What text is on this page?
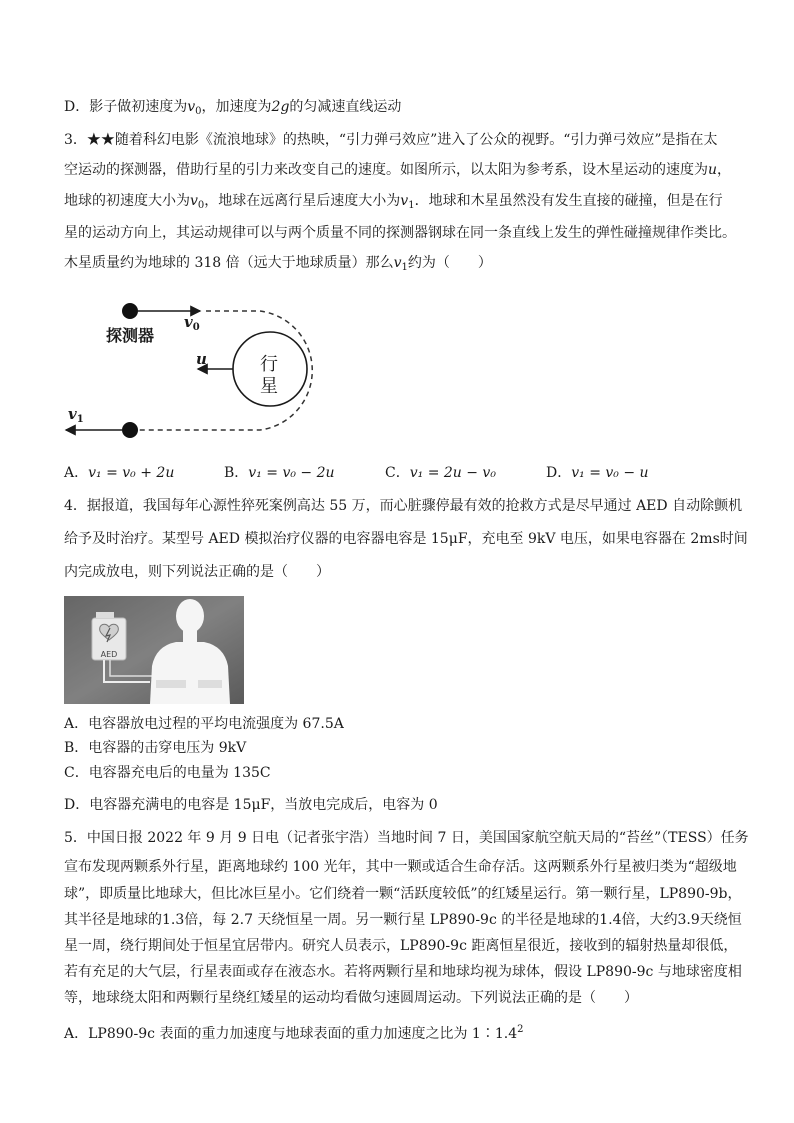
D．影子做初速度为$v_0$，加速度为2g的匀减速直线运动
3．★★随着科幻电影《流浪地球》的热映，“引力弹弓效应”进入了公众的视野。“引力弹弓效应”是指在太
空运动的探测器，借助行星的引力来改变自己的速度。如图所示，以太阳为参考系，设木星运动的速度为u，
地球的初速度大小为$v_0$，地球在远离行星后速度大小为$v_1$．地球和木星虽然没有发生直接的碰撞，但是在行
星的运动方向上，其运动规律可以与两个质量不同的探测器钢球在同一条直线上发生的弹性碰撞规律作类比。
木星质量约为地球的 318 倍（远大于地球质量）那么$v_1$约为（　　）
探测器
$v_0$
u	行
星
$v_1$
A．v₁ = v₀ + 2u	B．v₁ = v₀ − 2u	C．v₁ = 2u − v₀	D．v₁ = v₀ − u
4．据报道，我国每年心源性猝死案例高达 55 万，而心脏骤停最有效的抢救方式是尽早通过 AED 自动除颤机
给予及时治疗。某型号 AED 模拟治疗仪器的电容器电容是 15μF，充电至 9kV 电压，如果电容器在 2ms时间
内完成放电，则下列说法正确的是（　　）
AED
A．电容器放电过程的平均电流强度为 67.5A
B．电容器的击穿电压为 9kV
C．电容器充电后的电量为 135C
D．电容器充满电的电容是 15μF，当放电完成后，电容为 0
5．中国日报 2022 年 9 月 9 日电（记者张宇浩）当地时间 7 日，美国国家航空航天局的“苔丝”（TESS）任务
宣布发现两颗系外行星，距离地球约 100 光年，其中一颗或适合生命存活。这两颗系外行星被归类为“超级地
球”，即质量比地球大，但比冰巨星小。它们绕着一颗“活跃度较低”的红矮星运行。第一颗行星，LP890-9b，
其半径是地球的1.3倍，每 2.7 天绕恒星一周。另一颗行星 LP890-9c 的半径是地球的1.4倍，大约3.9天绕恒
星一周，绕行期间处于恒星宜居带内。研究人员表示，LP890-9c 距离恒星很近，接收到的辐射热量却很低，
若有充足的大气层，行星表面或存在液态水。若将两颗行星和地球均视为球体，假设 LP890-9c 与地球密度相
等，地球绕太阳和两颗行星绕红矮星的运动均看做匀速圆周运动。下列说法正确的是（　　）
A．LP890-9c 表面的重力加速度与地球表面的重力加速度之比为 $1∶1.4^2$
